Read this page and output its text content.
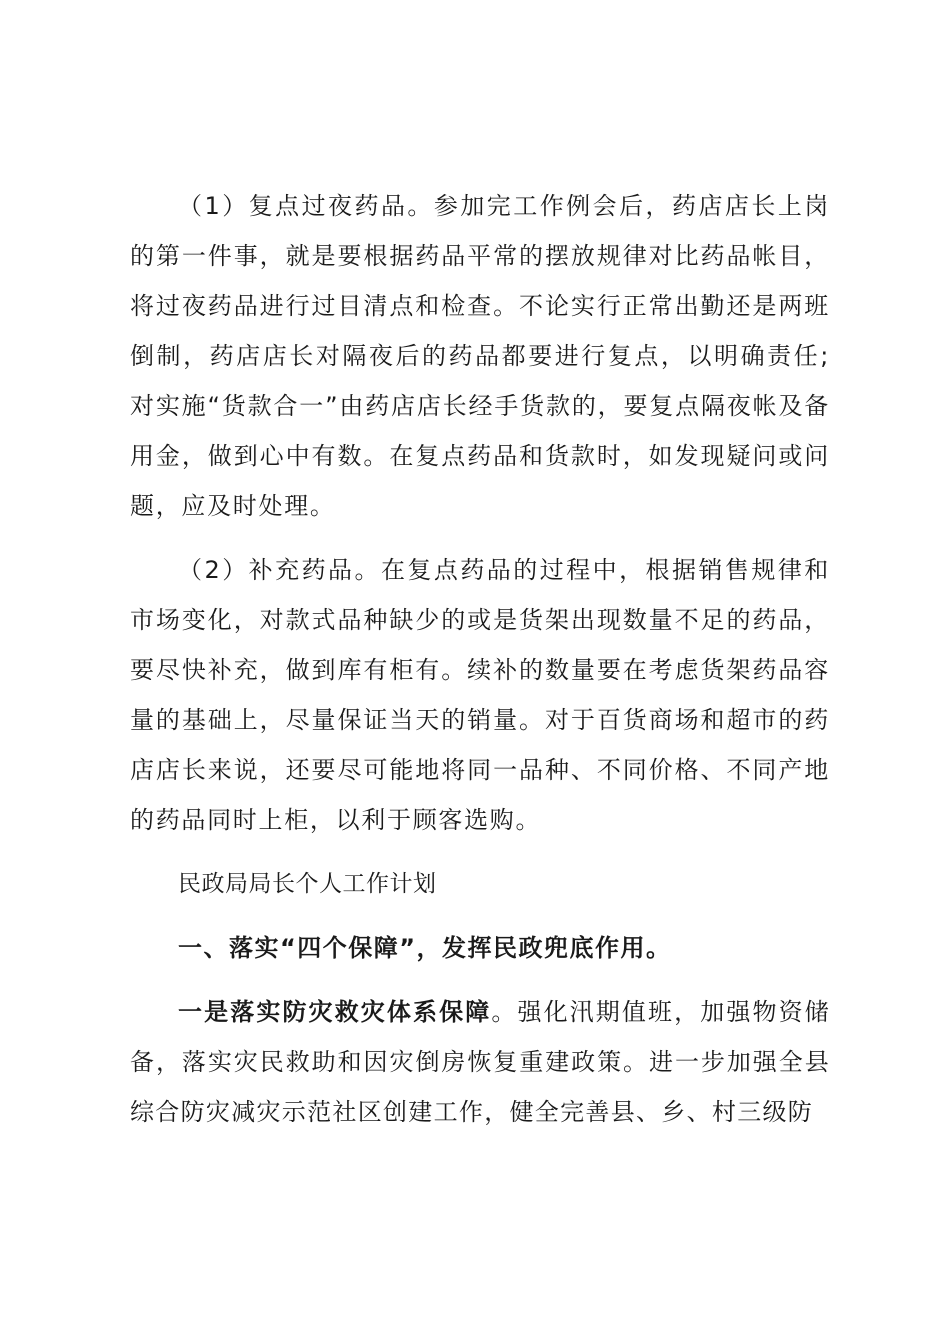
（1）复点过夜药品。参加完工作例会后，药店店长上岗的第一件事，就是要根据药品平常的摆放规律对比药品帐目，将过夜药品进行过目清点和检查。不论实行正常出勤还是两班倒制，药店店长对隔夜后的药品都要进行复点，以明确责任;对实施“货款合一”由药店店长经手货款的，要复点隔夜帐及备用金，做到心中有数。在复点药品和货款时，如发现疑问或问题，应及时处理。

（2）补充药品。在复点药品的过程中，根据销售规律和市场变化，对款式品种缺少的或是货架出现数量不足的药品，要尽快补充，做到库有柜有。续补的数量要在考虑货架药品容量的基础上，尽量保证当天的销量。对于百货商场和超市的药店店长来说，还要尽可能地将同一品种、不同价格、不同产地的药品同时上柜，以利于顾客选购。

民政局局长个人工作计划

一、落实“四个保障”，发挥民政兜底作用。

一是落实防灾救灾体系保障。强化汛期值班，加强物资储备，落实灾民救助和因灾倒房恢复重建政策。进一步加强全县综合防灾减灾示范社区创建工作，健全完善县、乡、村三级防
